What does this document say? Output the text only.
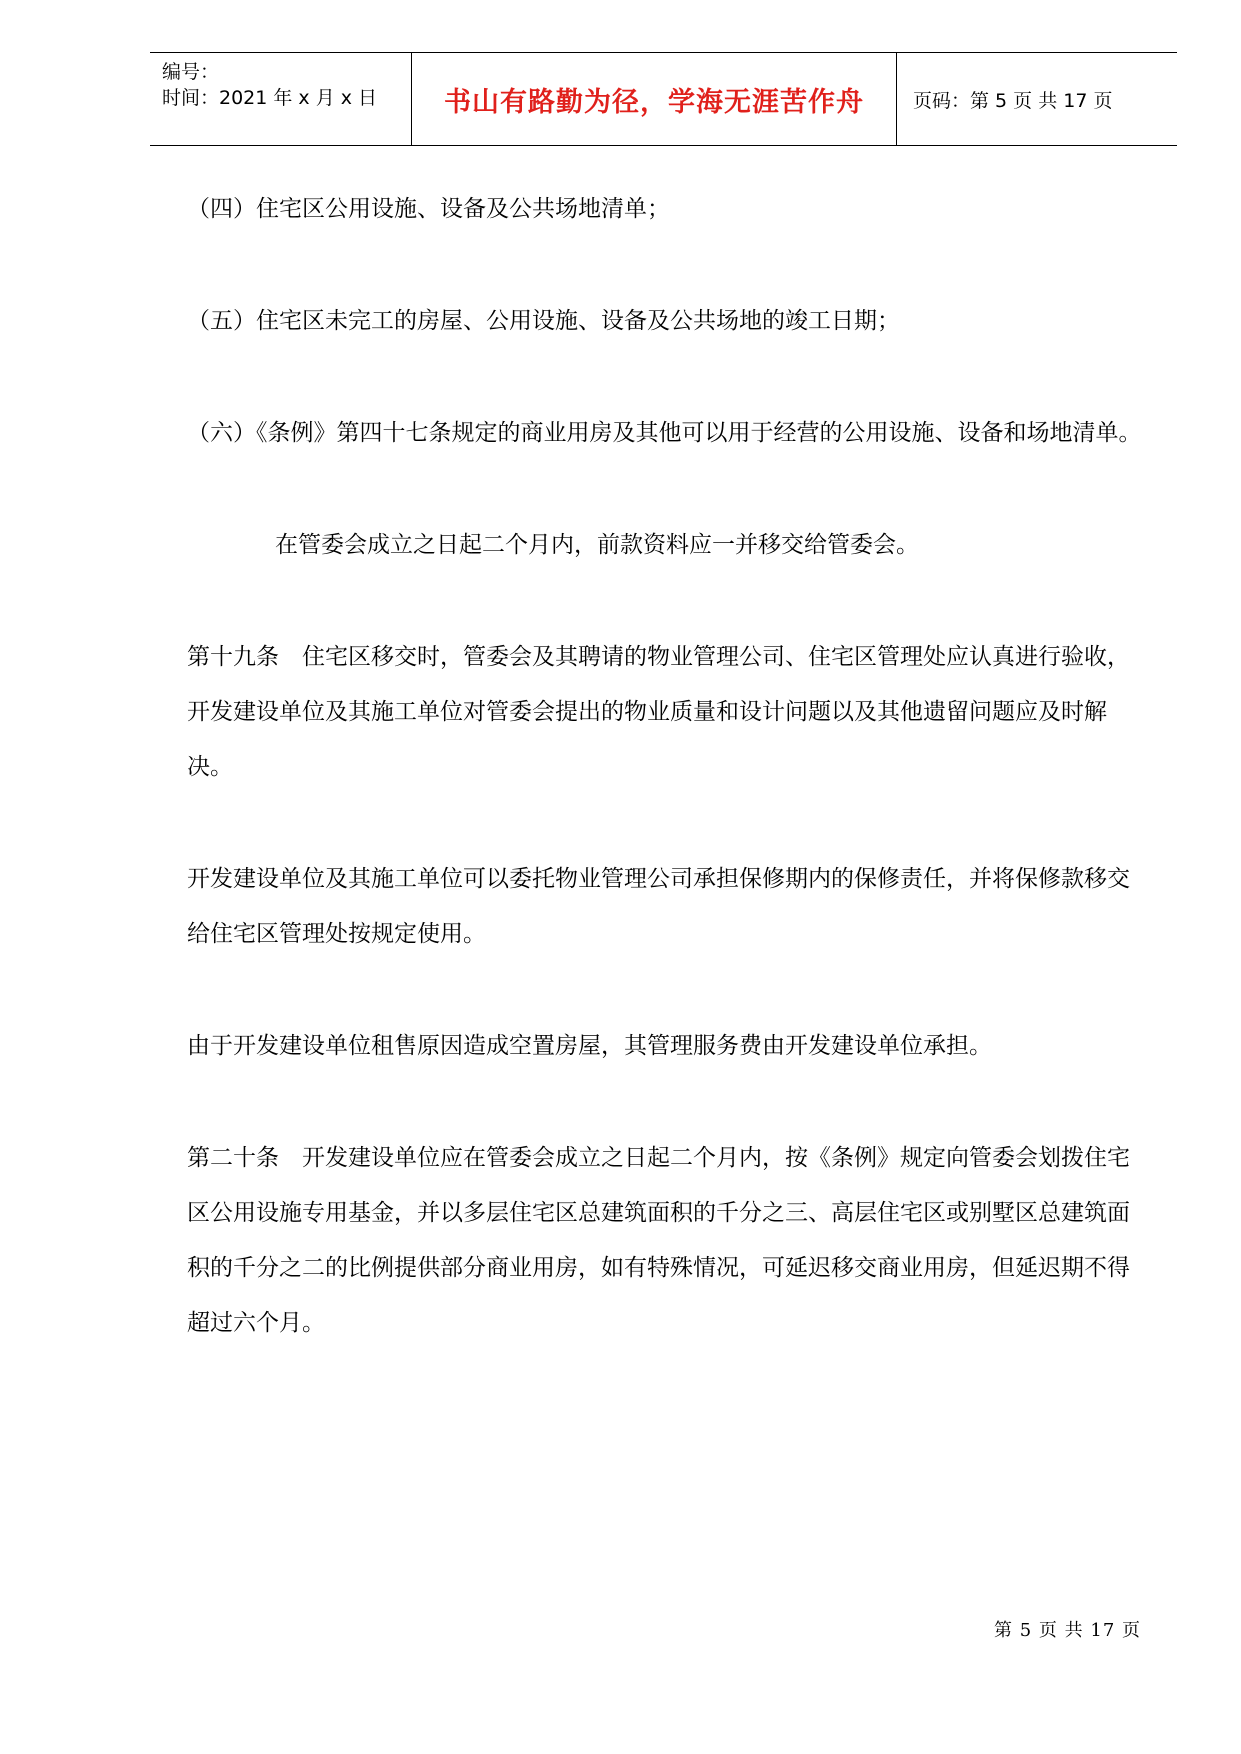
编号：
时间：2021 年 x 月 x 日	书山有路勤为径，学海无涯苦作舟	页码：第 5 页 共 17 页

（四）住宅区公用设施、设备及公共场地清单；

（五）住宅区未完工的房屋、公用设施、设备及公共场地的竣工日期；

（六）《条例》第四十七条规定的商业用房及其他可以用于经营的公用设施、设备和场地清单。

在管委会成立之日起二个月内，前款资料应一并移交给管委会。

第十九条　住宅区移交时，管委会及其聘请的物业管理公司、住宅区管理处应认真进行验收，开发建设单位及其施工单位对管委会提出的物业质量和设计问题以及其他遗留问题应及时解决。

开发建设单位及其施工单位可以委托物业管理公司承担保修期内的保修责任，并将保修款移交给住宅区管理处按规定使用。

由于开发建设单位租售原因造成空置房屋，其管理服务费由开发建设单位承担。

第二十条　开发建设单位应在管委会成立之日起二个月内，按《条例》规定向管委会划拨住宅区公用设施专用基金，并以多层住宅区总建筑面积的千分之三、高层住宅区或别墅区总建筑面积的千分之二的比例提供部分商业用房，如有特殊情况，可延迟移交商业用房，但延迟期不得超过六个月。

第 5 页 共 17 页
